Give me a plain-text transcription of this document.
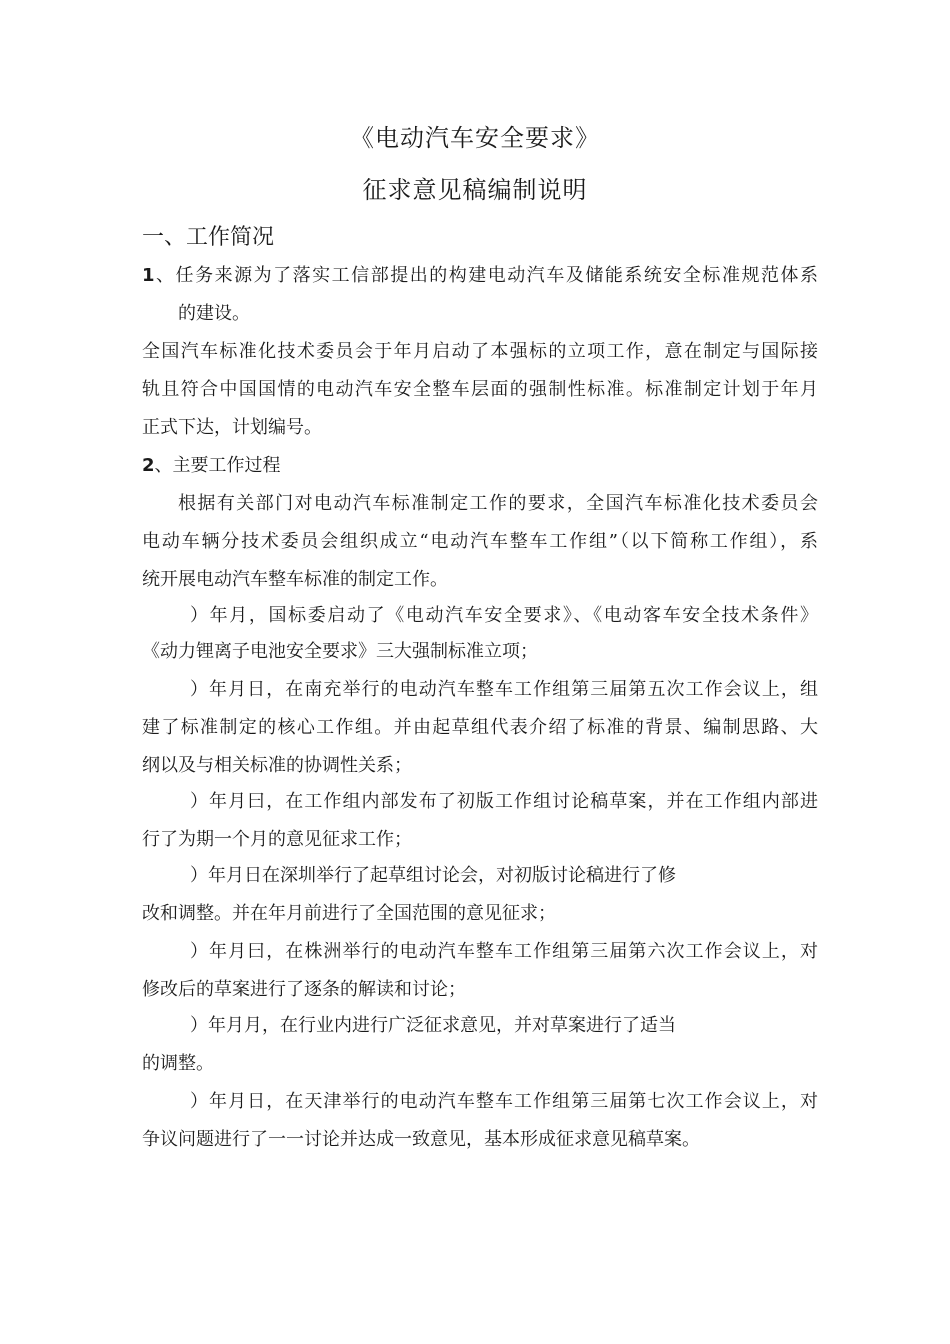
《电动汽车安全要求》
征求意见稿编制说明
一、工作简况
1、任务来源为了落实工信部提出的构建电动汽车及储能系统安全标准规范体系
的建设。
全国汽车标准化技术委员会于年月启动了本强标的立项工作，意在制定与国际接
轨且符合中国国情的电动汽车安全整车层面的强制性标准。标准制定计划于年月
正式下达，计划编号。
2、主要工作过程
根据有关部门对电动汽车标准制定工作的要求，全国汽车标准化技术委员会
电动车辆分技术委员会组织成立“电动汽车整车工作组”（以下简称工作组），系
统开展电动汽车整车标准的制定工作。
）年月，国标委启动了《电动汽车安全要求》、《电动客车安全技术条件》
《动力锂离子电池安全要求》三大强制标准立项；
）年月日，在南充举行的电动汽车整车工作组第三届第五次工作会议上，组
建了标准制定的核心工作组。并由起草组代表介绍了标准的背景、编制思路、大
纲以及与相关标准的协调性关系；
）年月曰，在工作组内部发布了初版工作组讨论稿草案，并在工作组内部进
行了为期一个月的意见征求工作；
）年月日在深圳举行了起草组讨论会，对初版讨论稿进行了修
改和调整。并在年月前进行了全国范围的意见征求；
）年月曰，在株洲举行的电动汽车整车工作组第三届第六次工作会议上，对
修改后的草案进行了逐条的解读和讨论；
）年月月，在行业内进行广泛征求意见，并对草案进行了适当
的调整。
）年月日，在天津举行的电动汽车整车工作组第三届第七次工作会议上，对
争议问题进行了一一讨论并达成一致意见，基本形成征求意见稿草案。
